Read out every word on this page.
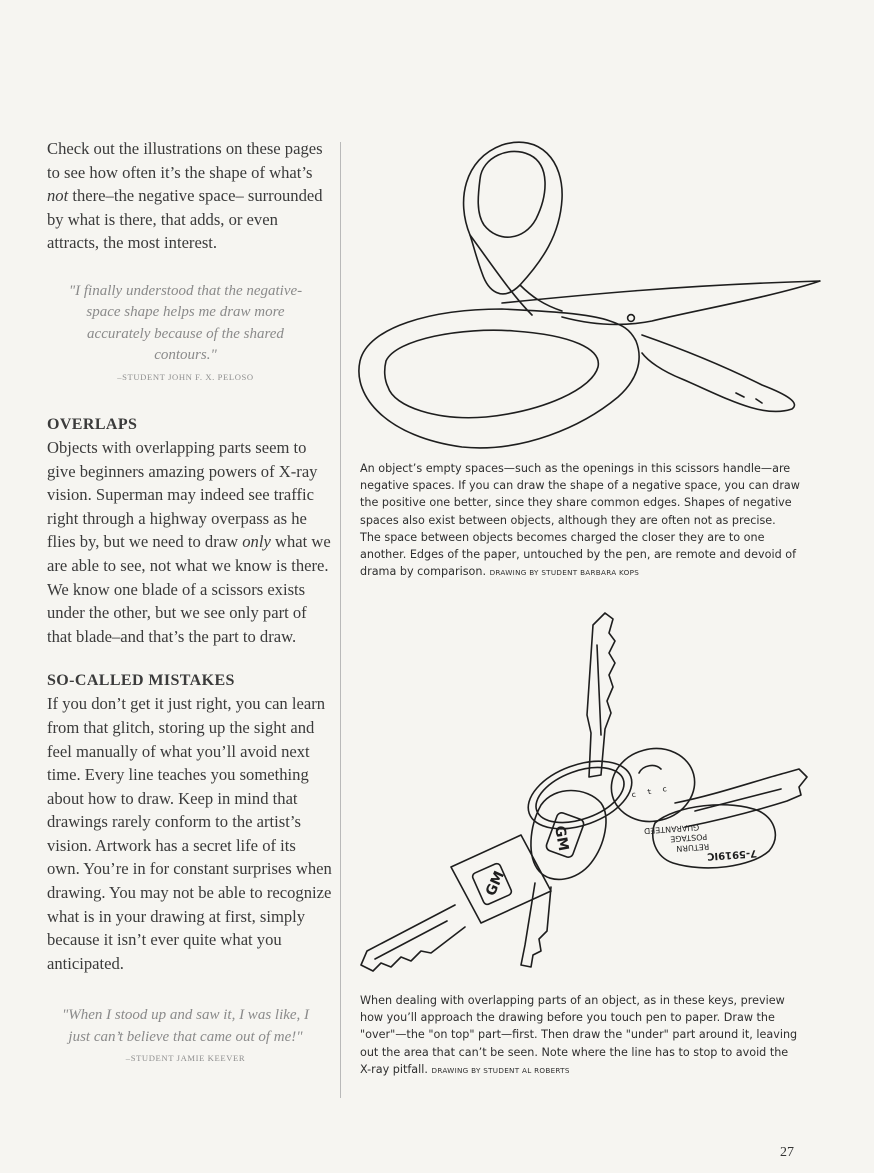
Check out the illustrations on these pages to see how often it’s the shape of what’s not there–the negative space– surrounded by what is there, that adds, or even attracts, the most interest.

"I finally understood that the negative-space shape helps me draw more accurately because of the shared contours."

–STUDENT JOHN F. X. PELOSO

OVERLAPS

Objects with overlapping parts seem to give beginners amazing powers of X-ray vision. Superman may indeed see traffic right through a highway overpass as he flies by, but we need to draw only what we are able to see, not what we know is there. We know one blade of a scissors exists under the other, but we see only part of that blade–and that’s the part to draw.

SO-CALLED MISTAKES

If you don’t get it just right, you can learn from that glitch, storing up the sight and feel manually of what you’ll avoid next time. Every line teaches you something about how to draw. Keep in mind that drawings rarely conform to the artist’s vision. Artwork has a secret life of its own. You’re in for constant surprises when drawing. You may not be able to recognize what is in your drawing at first, simply because it isn’t ever quite what you anticipated.

"When I stood up and saw it, I was like, I just can’t believe that came out of me!"

–STUDENT JAMIE KEEVER

An object’s empty spaces—such as the openings in this scissors handle—are negative spaces. If you can draw the shape of a negative space, you can draw the positive one better, since they share common edges. Shapes of negative spaces also exist between objects, although they are often not as precise. The space between objects becomes charged the closer they are to one another. Edges of the paper, untouched by the pen, are remote and devoid of drama by comparison. DRAWING BY STUDENT BARBARA KOPS

ᶜ ᵗ ᶜ
GUARANTEED
POSTAGE
RETURN
7-5919IC
GM
GM

When dealing with overlapping parts of an object, as in these keys, preview how you’ll approach the drawing before you touch pen to paper. Draw the "over"—the "on top" part—first. Then draw the "under" part around it, leaving out the area that can’t be seen. Note where the line has to stop to avoid the X-ray pitfall. DRAWING BY STUDENT AL ROBERTS

27
